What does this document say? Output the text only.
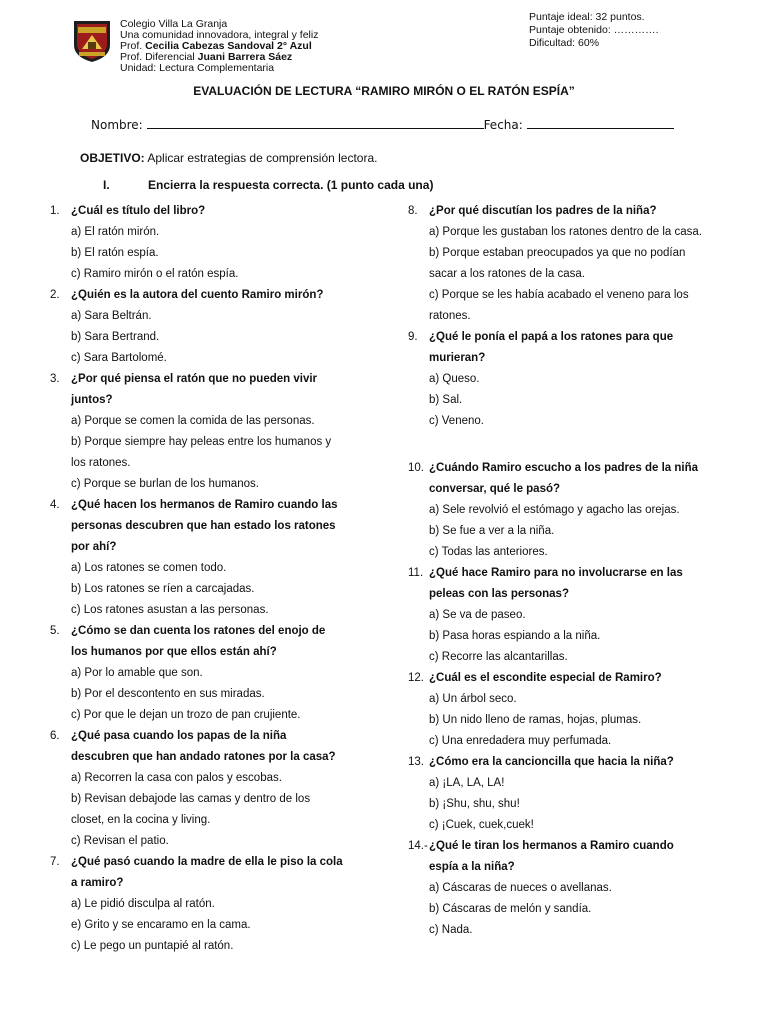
Colegio Villa La Granja
Una comunidad innovadora, integral y feliz
Prof. Cecilia Cabezas Sandoval 2° Azul
Prof. Diferencial Juani Barrera Sáez
Unidad: Lectura Complementaria
Puntaje ideal: 32 puntos.
Puntaje obtenido: ………….
Dificultad: 60%
EVALUACIÓN DE LECTURA “RAMIRO MIRÓN O EL RATÓN ESPÍA”
Nombre:	Fecha:
OBJETIVO: Aplicar estrategias de comprensión lectora.
I.	Encierra la respuesta correcta. (1 punto cada una)
1. ¿Cuál es título del libro?
a) El ratón mirón.
b) El ratón espía.
c) Ramiro mirón o el ratón espía.
2. ¿Quién es la autora del cuento Ramiro mirón?
a) Sara Beltrán.
b) Sara Bertrand.
c) Sara Bartolomé.
3. ¿Por qué piensa el ratón que no pueden vivir
juntos?
a) Porque se comen la comida de las personas.
b) Porque siempre hay peleas entre los humanos y
los ratones.
c) Porque se burlan de los humanos.
4. ¿Qué hacen los hermanos de Ramiro cuando las
personas descubren que han estado los ratones
por ahí?
a) Los ratones se comen todo.
b) Los ratones se ríen a carcajadas.
c) Los ratones asustan a las personas.
5. ¿Cómo se dan cuenta los ratones del enojo de
los humanos por que ellos están ahí?
a) Por lo amable que son.
b) Por el descontento en sus miradas.
c) Por que le dejan un trozo de pan crujiente.
6. ¿Qué pasa cuando los papas de la niña
descubren que han andado ratones por la casa?
a) Recorren la casa con palos y escobas.
b) Revisan debajode las camas y dentro de los
closet, en la cocina y living.
c) Revisan el patio.
7. ¿Qué pasó cuando la madre de ella le piso la cola
a ramiro?
a) Le pidió disculpa al ratón.
e) Grito y se encaramo en la cama.
c) Le pego un puntapié al ratón.
8. ¿Por qué discutían los padres de la niña?
a) Porque les gustaban los ratones dentro de la casa.
b) Porque estaban preocupados ya que no podían
sacar a los ratones de la casa.
c) Porque se les había acabado el veneno para los
ratones.
9. ¿Qué le ponía el papá a los ratones para que
murieran?
a) Queso.
b) Sal.
c) Veneno.
10. ¿Cuándo Ramiro escucho a los padres de la niña
conversar, qué le pasó?
a) Sele revolvió el estómago y agacho las orejas.
b) Se fue a ver a la niña.
c) Todas las anteriores.
11. ¿Qué hace Ramiro para no involucrarse en las
peleas con las personas?
a) Se va de paseo.
b) Pasa horas espiando a la niña.
c) Recorre las alcantarillas.
12. ¿Cuál es el escondite especial de Ramiro?
a) Un árbol seco.
b) Un nido lleno de ramas, hojas, plumas.
c) Una enredadera muy perfumada.
13. ¿Cómo era la cancioncilla que hacia la niña?
a) ¡LA, LA, LA!
b) ¡Shu, shu, shu!
c) ¡Cuek, cuek,cuek!
14.- ¿Qué le tiran los hermanos a Ramiro cuando
espía a la niña?
a) Cáscaras de nueces o avellanas.
b) Cáscaras de melón y sandía.
c) Nada.
